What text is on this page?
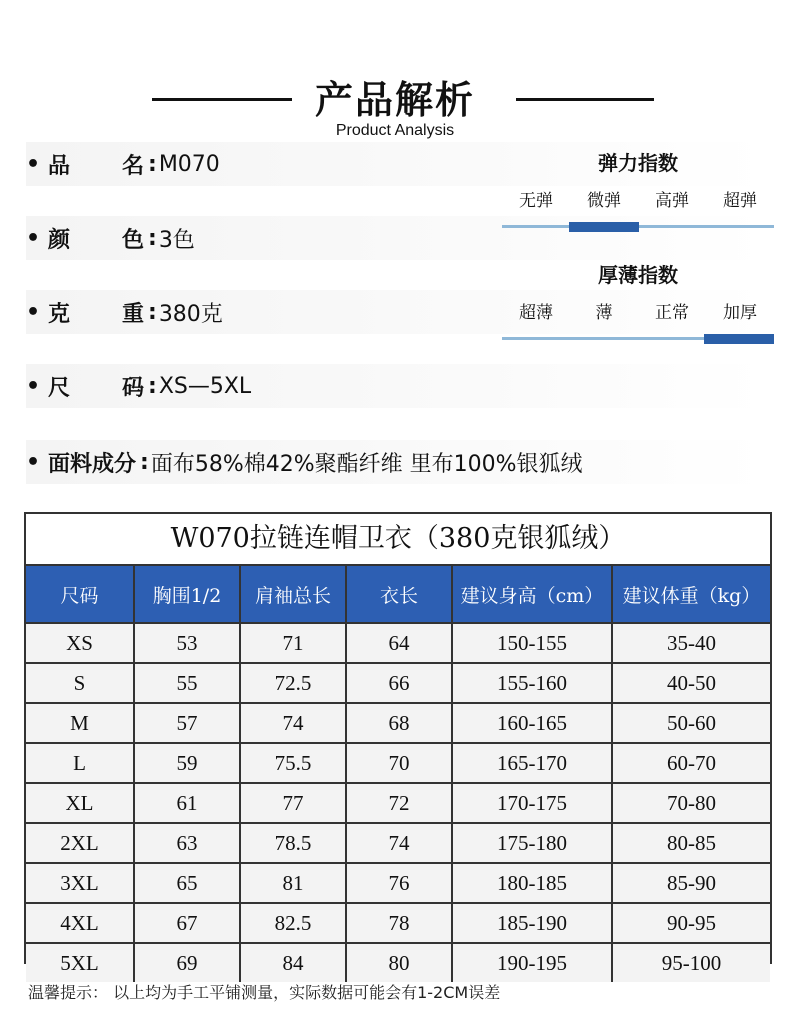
产品解析
Product Analysis
• 品 名 : M070
• 颜 色 : 3色
• 克 重 : 380克
• 尺 码 : XS—5XL
• 面料成分 : 面布58%棉42%聚酯纤维 里布100%银狐绒
弹力指数
无弹	微弹	高弹	超弹
厚薄指数
超薄	薄	正常	加厚
W070拉链连帽卫衣（380克银狐绒）
尺码	胸围1/2	肩袖总长	衣长	建议身高（cm）	建议体重（kg）
XS	53	71	64	150-155	35-40
S	55	72.5	66	155-160	40-50
M	57	74	68	160-165	50-60
L	59	75.5	70	165-170	60-70
XL	61	77	72	170-175	70-80
2XL	63	78.5	74	175-180	80-85
3XL	65	81	76	180-185	85-90
4XL	67	82.5	78	185-190	90-95
5XL	69	84	80	190-195	95-100
温馨提示： 以上均为手工平铺测量，实际数据可能会有1-2CM误差
